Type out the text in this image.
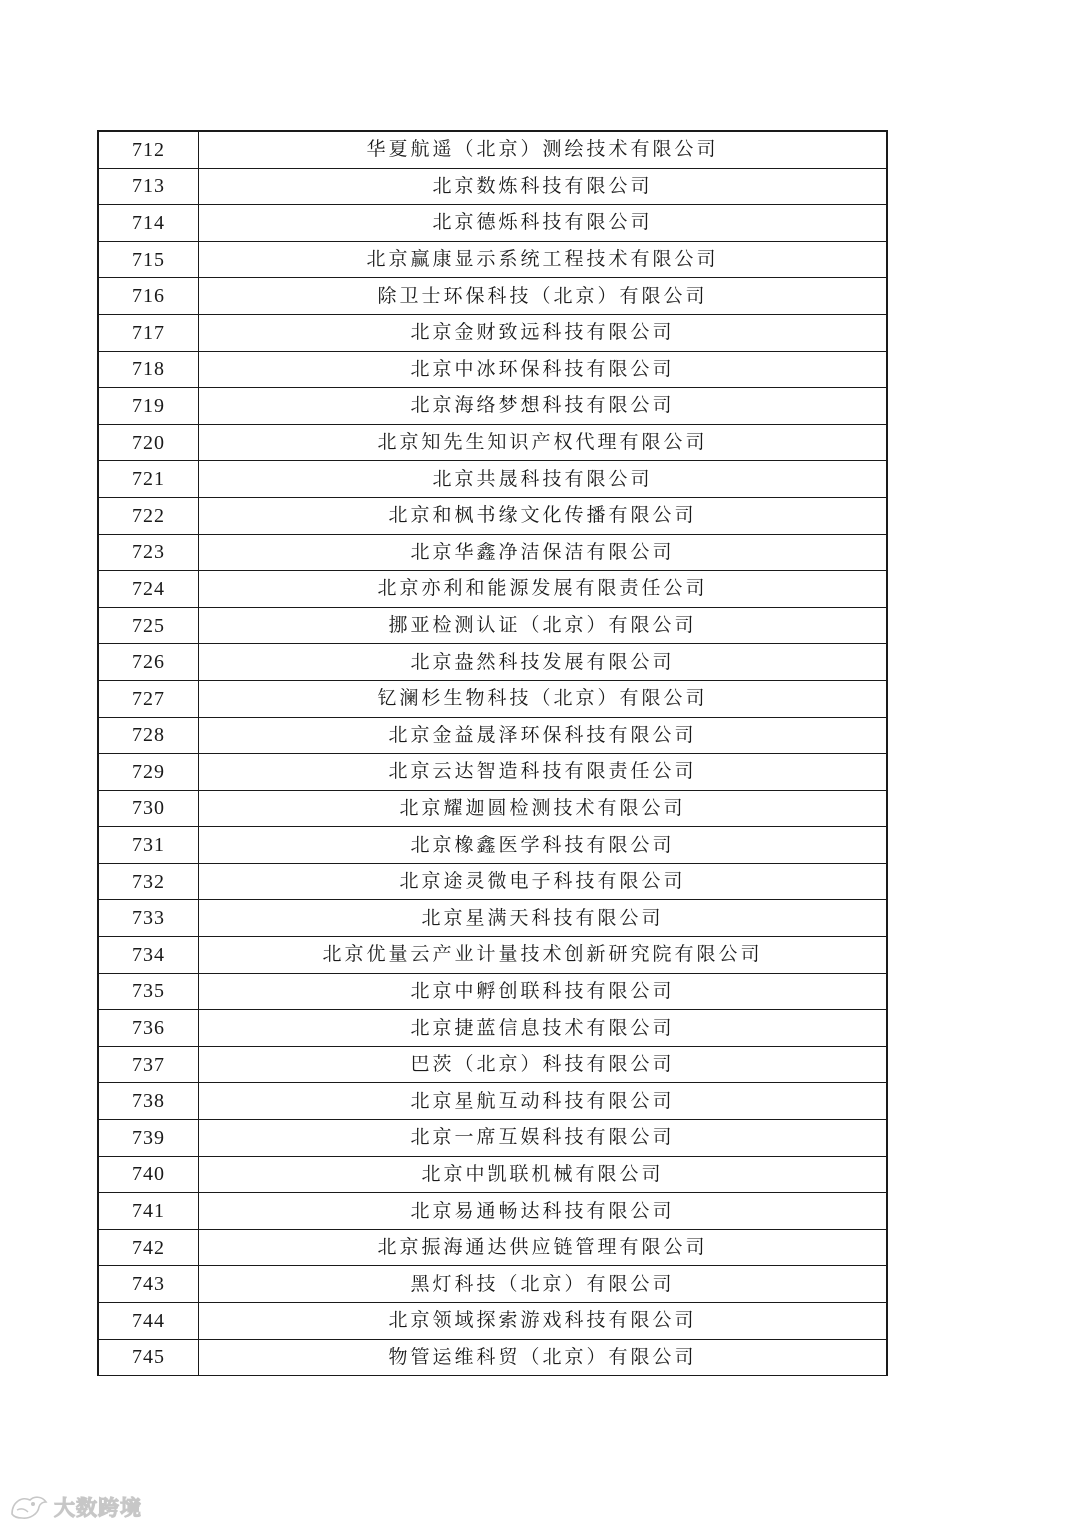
712	华夏航遥（北京）测绘技术有限公司
713	北京数炼科技有限公司
714	北京德烁科技有限公司
715	北京赢康显示系统工程技术有限公司
716	除卫士环保科技（北京）有限公司
717	北京金财致远科技有限公司
718	北京中冰环保科技有限公司
719	北京海络梦想科技有限公司
720	北京知先生知识产权代理有限公司
721	北京共晟科技有限公司
722	北京和枫书缘文化传播有限公司
723	北京华鑫净洁保洁有限公司
724	北京亦利和能源发展有限责任公司
725	挪亚检测认证（北京）有限公司
726	北京盎然科技发展有限公司
727	钇澜杉生物科技（北京）有限公司
728	北京金益晟泽环保科技有限公司
729	北京云达智造科技有限责任公司
730	北京耀迦圆检测技术有限公司
731	北京橡鑫医学科技有限公司
732	北京途灵微电子科技有限公司
733	北京星满天科技有限公司
734	北京优量云产业计量技术创新研究院有限公司
735	北京中孵创联科技有限公司
736	北京捷蓝信息技术有限公司
737	巴茨（北京）科技有限公司
738	北京星航互动科技有限公司
739	北京一席互娱科技有限公司
740	北京中凯联机械有限公司
741	北京易通畅达科技有限公司
742	北京振海通达供应链管理有限公司
743	黑灯科技（北京）有限公司
744	北京领域探索游戏科技有限公司
745	物管运维科贸（北京）有限公司
大数跨境
